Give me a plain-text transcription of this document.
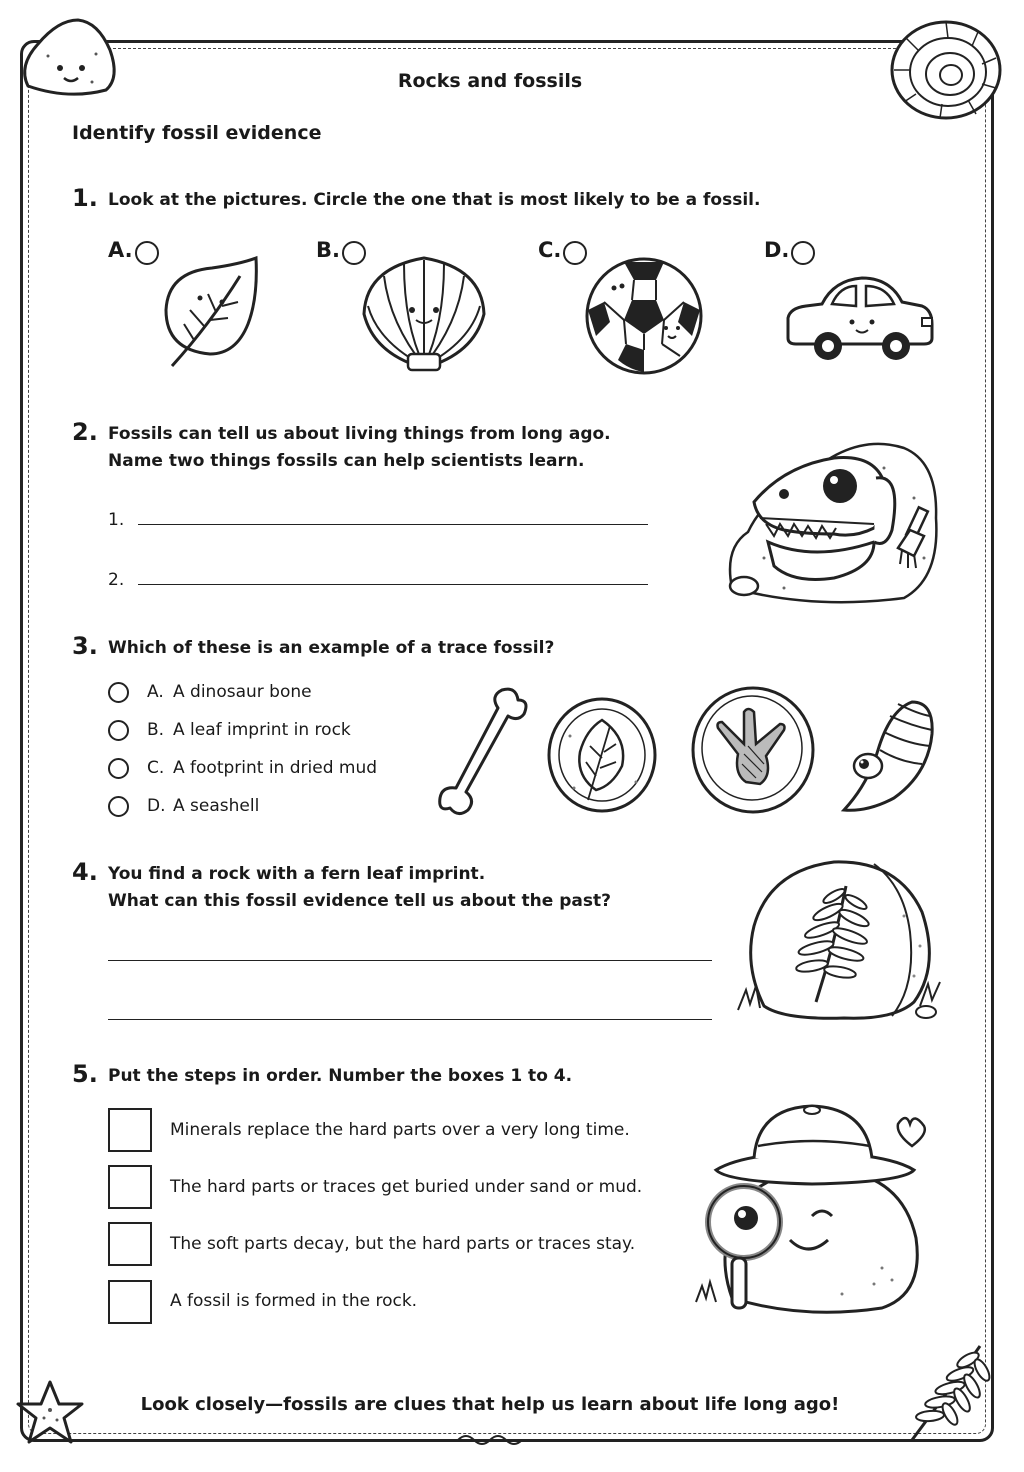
Rocks and fossils
Identify fossil evidence
1. Look at the pictures. Circle the one that is most likely to be a fossil.
A.	B.	C.	D.
2. Fossils can tell us about living things from long ago.
Name two things fossils can help scientists learn.
1.
2.
3. Which of these is an example of a trace fossil?
A. A dinosaur bone
B. A leaf imprint in rock
C. A footprint in dried mud
D. A seashell
4. You find a rock with a fern leaf imprint.
What can this fossil evidence tell us about the past?
5. Put the steps in order. Number the boxes 1 to 4.
Minerals replace the hard parts over a very long time.
The hard parts or traces get buried under sand or mud.
The soft parts decay, but the hard parts or traces stay.
A fossil is formed in the rock.
Look closely—fossils are clues that help us learn about life long ago!
